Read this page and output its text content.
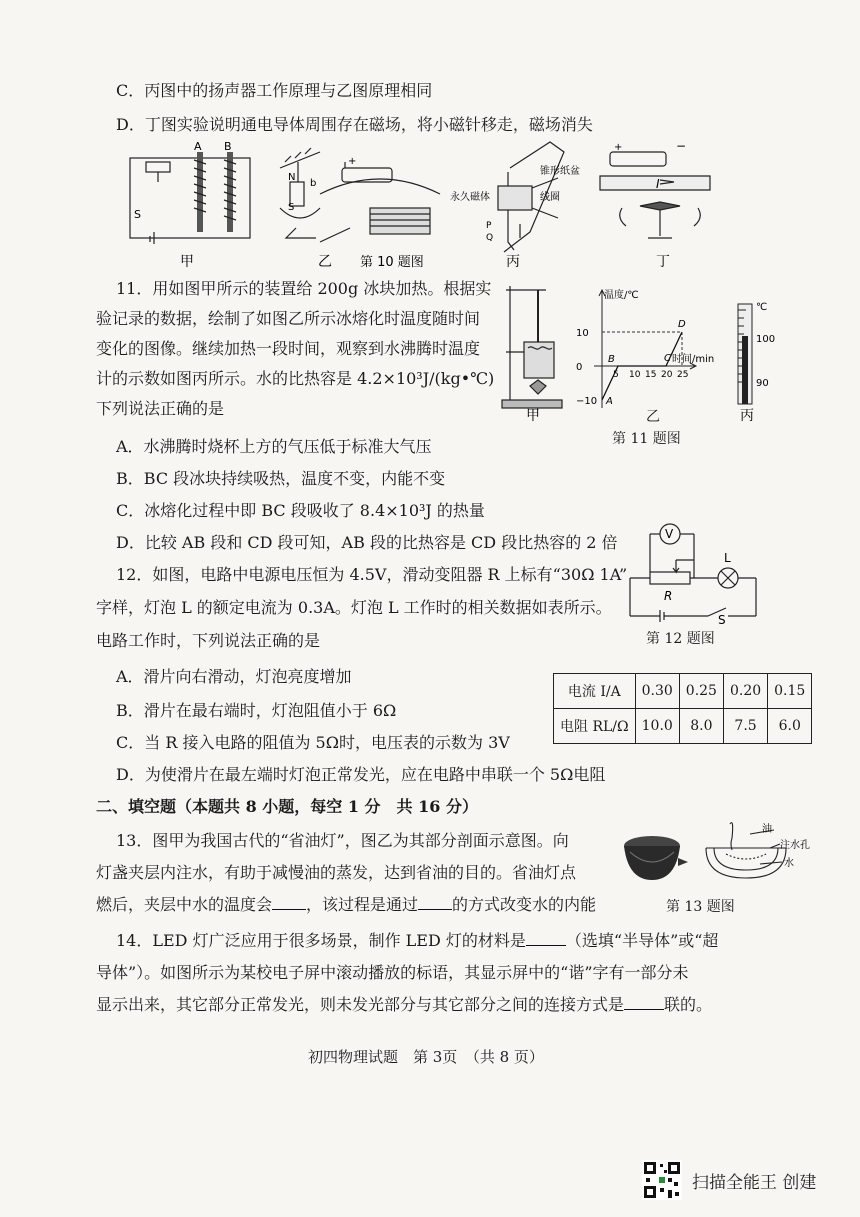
C．丙图中的扬声器工作原理与乙图原理相同
D．丁图实验说明通电导体周围存在磁场，将小磁针移走，磁场消失
A B
S
甲
N
b
S
+
乙 第 10 题图
永久磁体
锥形纸盆
线圈
P
Q
丙
+	−
I
丁
11．用如图甲所示的装置给 200g 冰块加热。根据实
验记录的数据，绘制了如图乙所示冰熔化时温度随时间
变化的图像。继续加热一段时间，观察到水沸腾时温度
计的示数如图丙所示。水的比热容是 4.2×10³J/(kg•℃)
下列说法正确的是
A．水沸腾时烧杯上方的气压低于标准大气压
B．BC 段冰块持续吸热，温度不变，内能不变
C．冰熔化过程中即 BC 段吸收了 8.4×10³J 的热量
D．比较 AB 段和 CD 段可知，AB 段的比热容是 CD 段比热容的 2 倍
甲
温度/℃
时间/min
10
0
−10
5 10 15 20 25
A
B	C
D
乙
℃
100
90
丙
第 11 题图
V
L
R
S
第 12 题图
12．如图，电路中电源电压恒为 4.5V，滑动变阻器 R 上标有“30Ω 1A”
字样，灯泡 L 的额定电流为 0.3A。灯泡 L 工作时的相关数据如表所示。
电路工作时，下列说法正确的是
A．滑片向右滑动，灯泡亮度增加
B．滑片在最右端时，灯泡阻值小于 6Ω
C．当 R 接入电路的阻值为 5Ω时，电压表的示数为 3V
D．为使滑片在最左端时灯泡正常发光，应在电路中串联一个 5Ω电阻
电流 I/A	0.30	0.25	0.20	0.15
电阻 RL/Ω	10.0	8.0	7.5	6.0
二、填空题（本题共 8 小题，每空 1 分　共 16 分）
13．图甲为我国古代的“省油灯”，图乙为其部分剖面示意图。向
灯盏夹层内注水，有助于减慢油的蒸发，达到省油的目的。省油灯点
燃后，夹层中水的温度会 ，该过程是通过 的方式改变水的内能
油
注水孔
水
第 13 题图
14．LED 灯广泛应用于很多场景，制作 LED 灯的材料是	（选填“半导体”或“超
导体”）。如图所示为某校电子屏中滚动播放的标语，其显示屏中的“谐”字有一部分未
显示出来，其它部分正常发光，则未发光部分与其它部分之间的连接方式是	联的。
初四物理试题　第 3页　（共 8 页）
扫描全能王 创建
